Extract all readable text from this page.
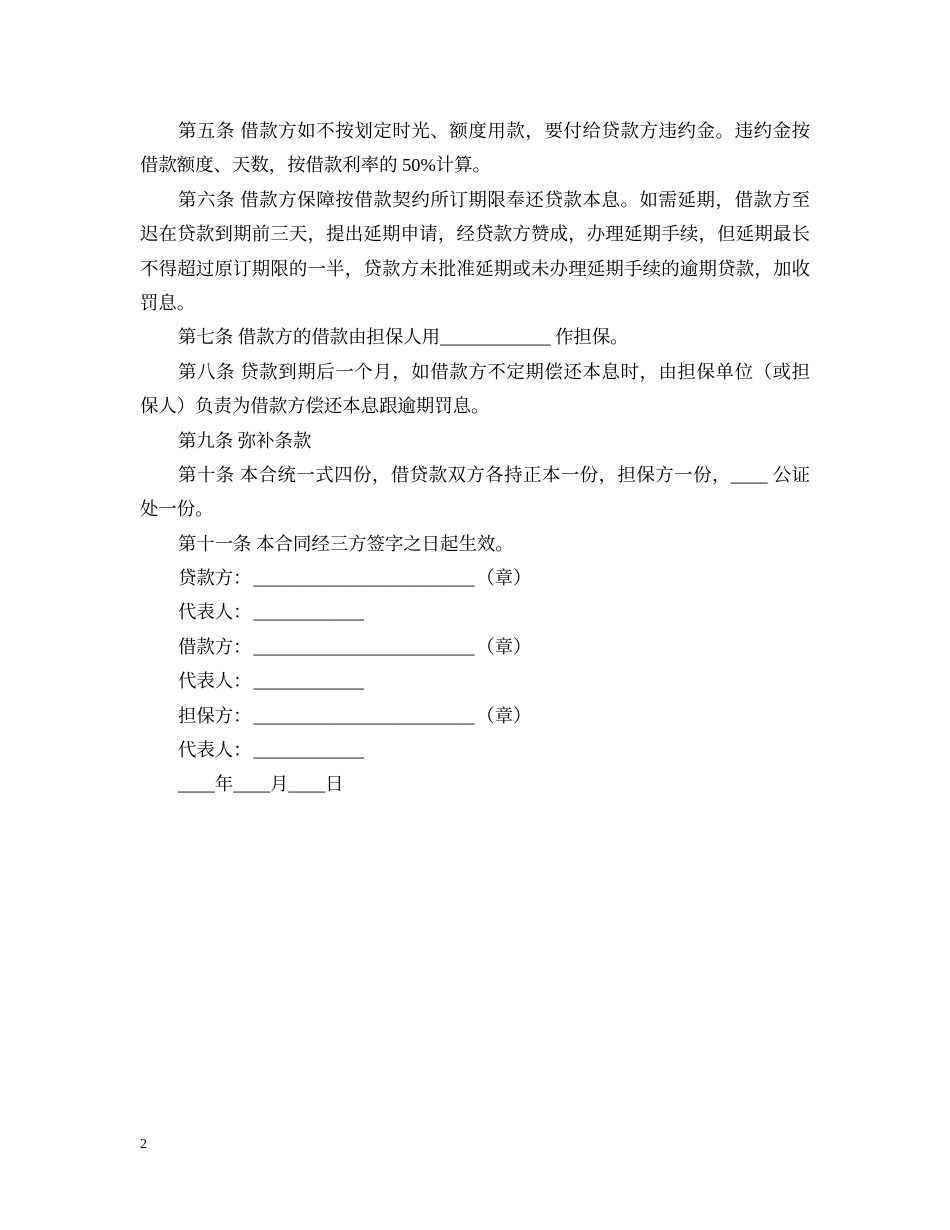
第五条 借款方如不按划定时光、额度用款，要付给贷款方违约金。违约金按
借款额度、天数，按借款利率的 50%计算。
第六条 借款方保障按借款契约所订期限奉还贷款本息。如需延期，借款方至
迟在贷款到期前三天，提出延期申请，经贷款方赞成，办理延期手续，但延期最长
不得超过原订期限的一半，贷款方未批准延期或未办理延期手续的逾期贷款，加收
罚息。
第七条 借款方的借款由担保人用____________ 作担保。
第八条 贷款到期后一个月，如借款方不定期偿还本息时，由担保单位（或担
保人）负责为借款方偿还本息跟逾期罚息。
第九条 弥补条款
第十条 本合统一式四份，借贷款双方各持正本一份，担保方一份，____ 公证
处一份。
第十一条 本合同经三方签字之日起生效。
贷款方： ________________________ （章）
代表人： ____________
借款方： ________________________ （章）
代表人： ____________
担保方： ________________________ （章）
代表人： ____________
____年____月____日
2
